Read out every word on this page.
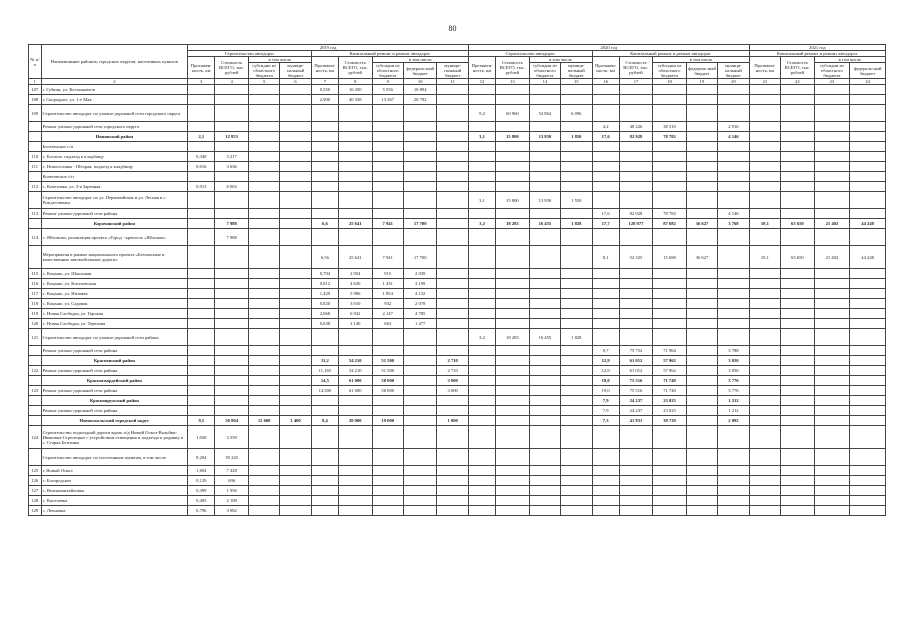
80
№ п/п	Наименование районов, городских округов, населенных пунктов	2019 год									2020 год									2021 год			
		Строительство автодорог				Капитальный ремонт и ремонт автодорог					Строительство автодорог				Капитальный ремонт и ремонт автодорог					Капитальный ремонт и ремонт автодорог			
		Протяжен-ность, км	Стоимость ВСЕГО, тыс. рублей	в том числе		Протяжен-ность, км	Стоимость ВСЕГО, тыс. рублей	в том числе			Протяжен-ность, км	Стоимость ВСЕГО, тыс. рублей	в том числе		Протяжен-ность, км	Стоимость ВСЕГО, тыс. рублей	в том числе			Протяжен-ность, км	Стоимость ВСЕГО, тыс. рублей	в том числе	
				субсидии из областного бюджета	муници-пальный бюджет			субсидии из областного бюджета	федераль-ный бюджет	муници-пальный бюджет			субсидии из областного бюджета	муници-пальный бюджет			субсидии из областного бюджета	федераль-ный бюджет	муници-пальный бюджет			субсидии из областного бюджета	федераль-ный бюджет
1	2	3	4	5	6	7	8	9	10	11	12	13	14	15	16	17	18	19	29	21	22	23	24
107	г. Губкин, ул. Космонавтов					0,550	16 450	5 556	10 894														
108	г. Скородное, ул. 1-е Мая					2,900	40 358	13 567	26 792														
109	Строительство автодорог по улично-дорожной сети городского округа										9,2	60 960	54 864	6 096									
	Ремонт улично-дорожной сети городского округа														4,2	40 226	38 310		2 916				
	Ивнянский район	2,1	12 855								3,1	15 800	13 950	1 850	17,6	82 928	78 782		4 146				
	Богатенское с/п																						
110	с. Богатое, подъезд к кладбищу	0,340	3 217																				
111	с. Новоселовка - Шторая, подъезд к кладбищу	0,016	3 636																				
	Кочетовское с/п																						
112	с. Кочетовка, ул. 3-я Заречная	0,913	6 002																				
	Строительство автодорог по ул. Первомайская и ул. Лесная в с. Рождественка										3,1	15 800	13 950	1 550									
113	Ремонт улично-дорожной сети района														17,6	82 928	78 782		4 146				
	Корочанский район		7 988			6,6	25 641	7 941	17 700		3,2	18 283	16 455	1 828	17,7	128 077	87 682	36 627	3 768	10,1	65 650	21 402	44 248
114	с. Яблоново, реализация проекта «Город - крепость «Яблонов»		7 988																				
	Мероприятия в рамках национального проекта «Безопасные и качественные автомобильные дороги»					6,56	25 641	7 941	17 700						8,1	52 325	15 698	36 627		10,1	65 650	21 402	44 248
115	с. Коцыно, ул. Школьная					0,794	2 954	915	2 039														
116	с. Коцыно, ул. Киселевская					0,812	4 630	1 431	3 199														
117	с. Коцыно, ул. Низовая					1,429	5 986	1 854	4 132														
118	с. Коцыно, ул. Садовая					0,820	3 010	932	2 078														
119	с. Новая Слободка, ул. Горская					2,068	6 932	2 147	4 785														
120	с. Новая Слободка, ул. Терехова					0,638	2 140	663	1 477														
121	Строительство автодорог по улично-дорожной сети района										3,2	18 283	16 455	1 828									
	Ремонт улично-дорожной сети района														9,7	75 752	71 964		3 788				
	Красненский район					11,2	54 210	51 500		2 710					12,9	61 012	57 962		3 050				
122	Ремонт улично-дорожной сети района					11,165	54 210	51 500		2 710					12,9	61 012	57 962		3 050				
	Красногвардейский район					14,5	61 000	58 000		3 000					19,0	75 516	71 740		3 776				
123	Ремонт улично-дорожной сети района					14,500	61 000	58 000		3 000					19,0	75 516	71 740		3 776				
	Краснояружский район														7,9	24 237	23 025		1 212				
	Ремонт улично-дорожной сети района														7,9	24 237	23 025		1 212				
	Новооскольский городской округ	9,5	56 804	12 600	1 400	8,4	20 000	19 000		1 000					7,3	41 831	39 739		2 092				
124	Строительство подъездной дороги вдоль п/д Новый Оскол-Валуйки-Ивановка-Стрелецкое с устройством освещения и подъезда к роднику в с. Старая Безгинка	1,030	3 559																				
	Строительство автодорог по поселенным пунктам, в том числе	8,294	39 245																				
125	г. Новый Оскол	1,694	7 428																				
126	с. Богородское	0,129	696																				
127	с. Великомихайловка	0,399	1 956																				
128	с. Киселевка	0,405	2 108																				
129	с. Леоновка	0,796	3 982																				
